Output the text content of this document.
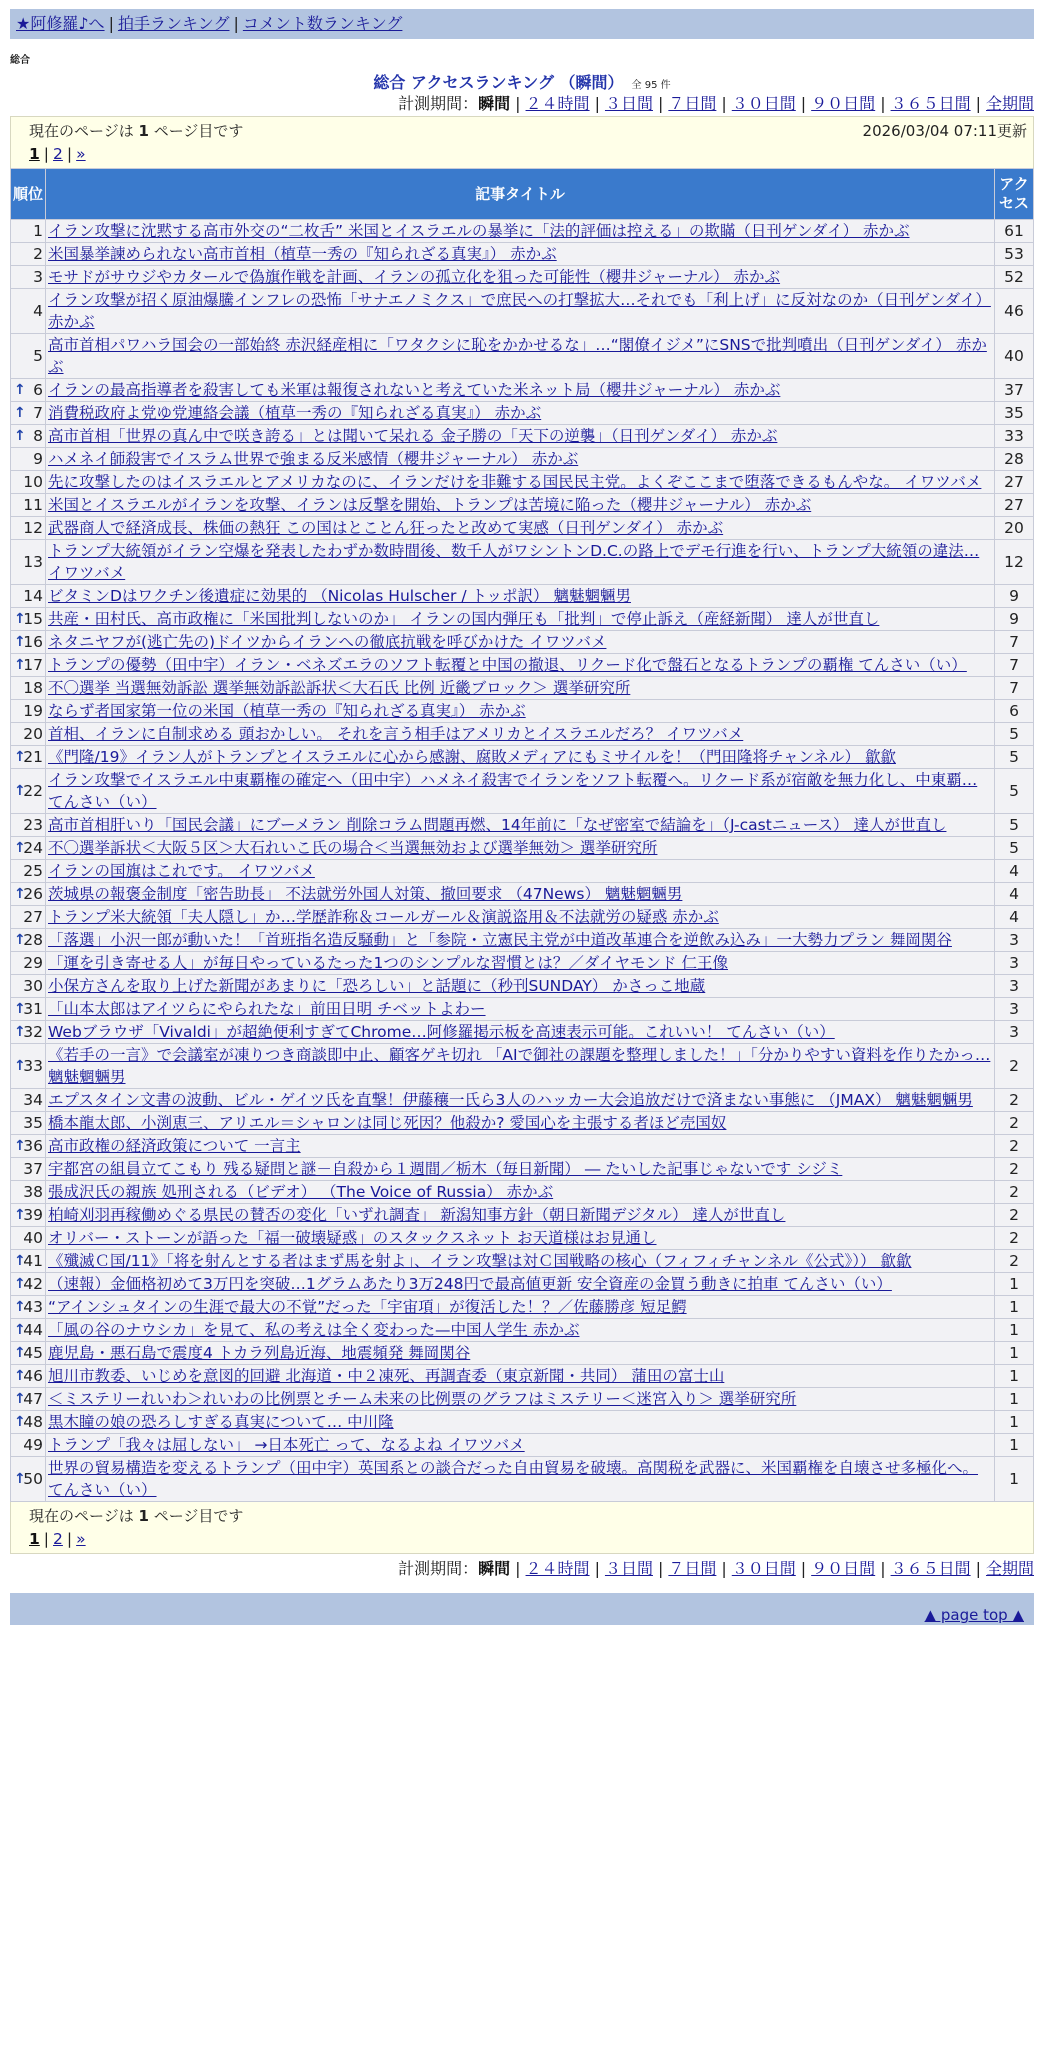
★阿修羅♪へ | 拍手ランキング | コメント数ランキング
総合
総合 アクセスランキング （瞬間） 全 95 件
計測期間：瞬間 | ２４時間 | ３日間 | ７日間 | ３０日間 | ９０日間 | ３６５日間 | 全期間
現在のページは 1 ページ目です	2026/03/04 07:11更新
1 | 2 | »
順位	記事タイトル	アクセス
1	イラン攻撃に沈黙する高市外交の“二枚舌” 米国とイスラエルの暴挙に「法的評価は控える」の欺瞞（日刊ゲンダイ） 赤かぶ	61
2	米国暴挙諫められない高市首相（植草一秀の『知られざる真実』） 赤かぶ	53
3	モサドがサウジやカタールで偽旗作戦を計画、イランの孤立化を狙った可能性（櫻井ジャーナル） 赤かぶ	52
4	イラン攻撃が招く原油爆騰インフレの恐怖「サナエノミクス」で庶民への打撃拡大…それでも「利上げ」に反対なのか（日刊ゲンダイ） 赤かぶ	46
5	高市首相パワハラ国会の一部始終 赤沢経産相に「ワタクシに恥をかかせるな」…“閣僚イジメ”にSNSで批判噴出（日刊ゲンダイ） 赤かぶ	40

↑ 6	イランの最高指導者を殺害しても米軍は報復されないと考えていた米ネット局（櫻井ジャーナル） 赤かぶ	37

↑ 7	消費税政府よ党ゆ党連絡会議（植草一秀の『知られざる真実』） 赤かぶ	35

↑ 8	高市首相「世界の真ん中で咲き誇る」とは聞いて呆れる 金子勝の「天下の逆襲」（日刊ゲンダイ） 赤かぶ	33
9	ハメネイ師殺害でイスラム世界で強まる反米感情（櫻井ジャーナル） 赤かぶ	28
10	先に攻撃したのはイスラエルとアメリカなのに、イランだけを非難する国民民主党。よくぞここまで堕落できるもんやな。 イワツバメ	27
11	米国とイスラエルがイランを攻撃、イランは反撃を開始、トランプは苦境に陥った（櫻井ジャーナル） 赤かぶ	27
12	武器商人で経済成長、株価の熱狂 この国はとことん狂ったと改めて実感（日刊ゲンダイ） 赤かぶ	20
13	トランプ大統領がイラン空爆を発表したわずか数時間後、数千人がワシントンD.C.の路上でデモ行進を行い、トランプ大統領の違法… イワツバメ	12
14	ビタミンDはワクチン後遺症に効果的 （Nicolas Hulscher / トッポ訳） 魑魅魍魎男	9

↑
15	共産・田村氏、高市政権に「米国批判しないのか」 イランの国内弾圧も「批判」で停止訴え（産経新聞） 達人が世直し	9

↑
16	ネタニヤフが(逃亡先の)ドイツからイランへの徹底抗戦を呼びかけた イワツバメ	7

↑
17	トランプの優勢（田中宇）イラン・ベネズエラのソフト転覆と中国の撤退、リクード化で盤石となるトランプの覇権 てんさい（い）	7
18	不〇選挙 当選無効訴訟 選挙無効訴訟訴状＜大石氏 比例 近畿ブロック＞ 選挙研究所	7
19	ならず者国家第一位の米国（植草一秀の『知られざる真実』） 赤かぶ	6
20	首相、イランに自制求める 頭おかしい。 それを言う相手はアメリカとイスラエルだろ？ イワツバメ	5

↑
21	《門隆/19》イラン人がトランプとイスラエルに心から感謝、腐敗メディアにもミサイルを！（門田隆将チャンネル） 歙歙	5

↑
22	イラン攻撃でイスラエル中東覇権の確定へ（田中宇）ハメネイ殺害でイランをソフト転覆へ。リクード系が宿敵を無力化し、中東覇… てんさい（い）	5
23	高市首相肝いり「国民会議」にブーメラン 削除コラム問題再燃、14年前に「なぜ密室で結論を」（J-castニュース） 達人が世直し	5

↑
24	不〇選挙訴状＜大阪５区＞大石れいこ氏の場合＜当選無効および選挙無効＞ 選挙研究所	5
25	イランの国旗はこれです。 イワツバメ	4

↑
26	茨城県の報褒金制度「密告助長」 不法就労外国人対策、撤回要求 （47News） 魑魅魍魎男	4
27	トランプ米大統領「夫人隠し」か…学歴詐称＆コールガール＆演説盗用＆不法就労の疑惑 赤かぶ	4

↑
28	「落選」小沢一郎が動いた！「首班指名造反騒動」と「参院・立憲民主党が中道改革連合を逆飲み込み」一大勢力プラン 舞岡関谷	3
29	「運を引き寄せる人」が毎日やっているたった1つのシンプルな習慣とは？／ダイヤモンド 仁王像	3
30	小保方さんを取り上げた新聞があまりに「恐ろしい」と話題に（秒刊SUNDAY） かさっこ地蔵	3

↑
31	「山本太郎はアイツらにやられたな」前田日明 チベットよわー	3

↑
32	Webブラウザ「Vivaldi」が超絶便利すぎてChrome…阿修羅掲示板を高速表示可能。これいい！ てんさい（い）	3

↑
33	《若手の一言》で会議室が凍りつき商談即中止、顧客ゲキ切れ 「AIで御社の課題を整理しました！」「分かりやすい資料を作りたかっ… 魑魅魍魎男	2
34	エプスタイン文書の波動、ビル・ゲイツ氏を直撃！伊藤穰一氏ら3人のハッカー大会追放だけで済まない事態に （JMAX） 魑魅魍魎男	2
35	橋本龍太郎、小渕恵三、アリエル＝シャロンは同じ死因？他殺か? 愛国心を主張する者ほど売国奴	2

↑
36	高市政権の経済政策について 一言主	2
37	宇都宮の組員立てこもり 残る疑問と謎－自殺から１週間／栃木（毎日新聞） ― たいした記事じゃないです シジミ	2
38	張成沢氏の親族 処刑される（ビデオ） （The Voice of Russia） 赤かぶ	2

↑
39	柏崎刈羽再稼働めぐる県民の賛否の変化「いずれ調査」 新潟知事方針（朝日新聞デジタル） 達人が世直し	2
40	オリバー・ストーンが語った「福一破壊疑惑」のスタックスネット お天道様はお見通し	2

↑
41	《殲滅Ｃ国/11》「将を射んとする者はまず馬を射よ」、イラン攻撃は対Ｃ国戦略の核心（フィフィチャンネル《公式》）） 歙歙	2

↑
42	（速報）金価格初めて3万円を突破…1グラムあたり3万248円で最高値更新 安全資産の金買う動きに拍車 てんさい（い）	1

↑
43	“アインシュタインの生涯で最大の不覚”だった「宇宙項」が復活した！？／佐藤勝彦 短足鰐	1

↑
44	「風の谷のナウシカ」を見て、私の考えは全く変わった—中国人学生 赤かぶ	1

↑
45	鹿児島・悪石島で震度4 トカラ列島近海、地震頻発 舞岡関谷	1

↑
46	旭川市教委、いじめを意図的回避 北海道・中２凍死、再調査委（東京新聞・共同） 蒲田の富士山	1

↑
47	＜ミステリーれいわ＞れいわの比例票とチーム未来の比例票のグラフはミステリー＜迷宮入り＞ 選挙研究所	1

↑
48	黒木瞳の娘の恐ろしすぎる真実について… 中川隆	1
49	トランプ「我々は屈しない」 →日本死亡 って、なるよね イワツバメ	1

↑
50	世界の貿易構造を変えるトランプ（田中宇）英国系との談合だった自由貿易を破壊。高関税を武器に、米国覇権を自壊させ多極化へ。 てんさい（い）	1
現在のページは 1 ページ目です
1 | 2 | »
計測期間：瞬間 | ２４時間 | ３日間 | ７日間 | ３０日間 | ９０日間 | ３６５日間 | 全期間
▲ page top ▲
